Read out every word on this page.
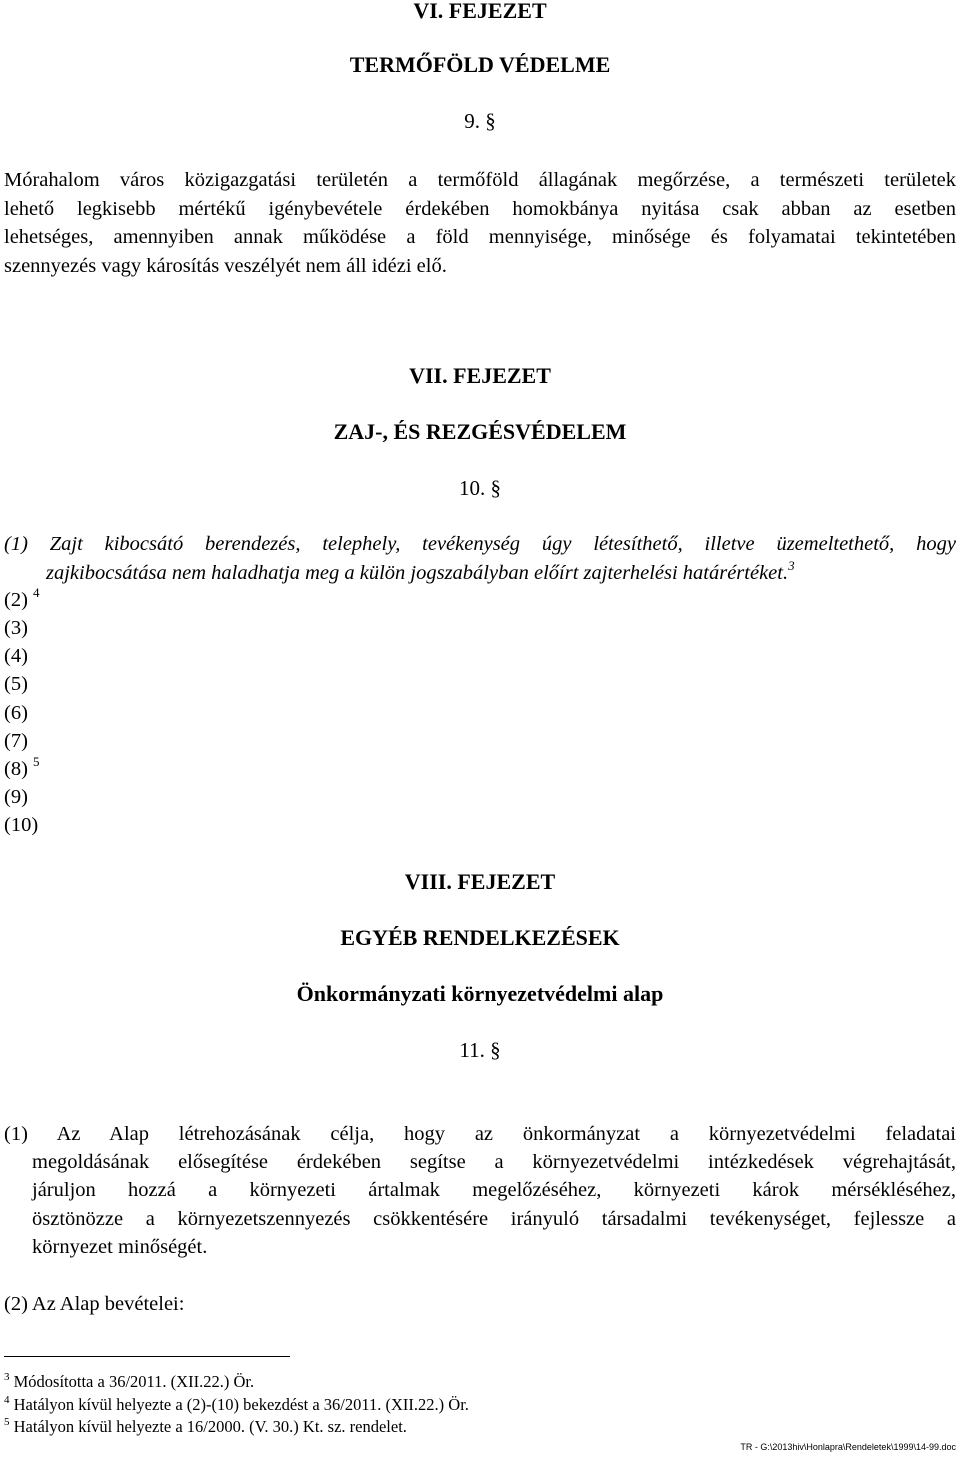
VI. FEJEZET
TERMŐFÖLD VÉDELME
9. §
Mórahalom város közigazgatási területén a termőföld állagának megőrzése, a természeti területek
lehető legkisebb mértékű igénybevétele érdekében homokbánya nyitása csak abban az esetben
lehetséges, amennyiben annak működése a föld mennyisége, minősége és folyamatai tekintetében
szennyezés vagy károsítás veszélyét nem áll idézi elő.
VII. FEJEZET
ZAJ-, ÉS REZGÉSVÉDELEM
10. §
(1) Zajt kibocsátó berendezés, telephely, tevékenység úgy létesíthető, illetve üzemeltethető, hogy
zajkibocsátása nem haladhatja meg a külön jogszabályban előírt zajterhelési határértéket.$^3$
(2) $^4$
(3)
(4)
(5)
(6)
(7)
(8) $^5$
(9)
(10)
VIII. FEJEZET
EGYÉB RENDELKEZÉSEK
Önkormányzati környezetvédelmi alap
11. §
(1) Az Alap létrehozásának célja, hogy az önkormányzat a környezetvédelmi feladatai
megoldásának elősegítése érdekében segítse a környezetvédelmi intézkedések végrehajtását,
járuljon hozzá a környezeti ártalmak megelőzéséhez, környezeti károk mérsékléséhez,
ösztönözze a környezetszennyezés csökkentésére irányuló társadalmi tevékenységet, fejlessze a
környezet minőségét.
(2) Az Alap bevételei:
$^3$ Módosította a 36/2011. (XII.22.) Ör.
$^4$ Hatályon kívül helyezte a (2)-(10) bekezdést a 36/2011. (XII.22.) Ör.
$^5$ Hatályon kívül helyezte a 16/2000. (V. 30.) Kt. sz. rendelet.
TR - G:\2013hiv\Honlapra\Rendeletek\1999\14-99.doc
